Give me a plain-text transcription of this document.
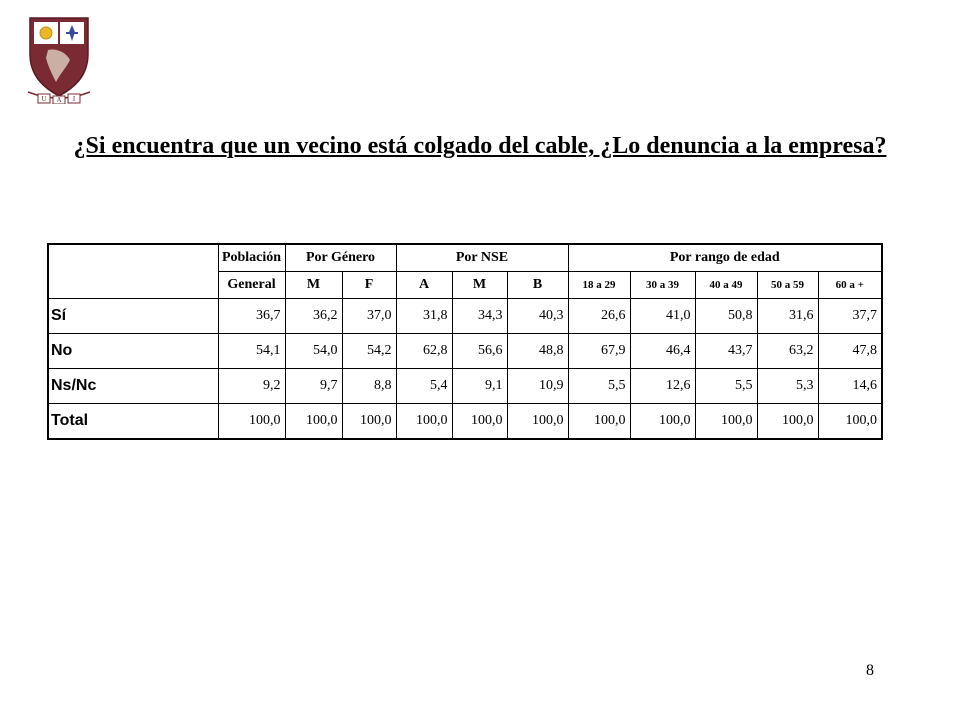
U A I
¿Si encuentra que un vecino está colgado del cable, ¿Lo denuncia a la empresa?
	Población	Por Género		Por NSE			Por rango de edad				
	General	M	F	A	M	B	18 a 29	30 a 39	40 a 49	50 a 59	60 a +
Sí	36,7	36,2	37,0	31,8	34,3	40,3	26,6	41,0	50,8	31,6	37,7
No	54,1	54,0	54,2	62,8	56,6	48,8	67,9	46,4	43,7	63,2	47,8
Ns/Nc	9,2	9,7	8,8	5,4	9,1	10,9	5,5	12,6	5,5	5,3	14,6
Total	100,0	100,0	100,0	100,0	100,0	100,0	100,0	100,0	100,0	100,0	100,0
8
